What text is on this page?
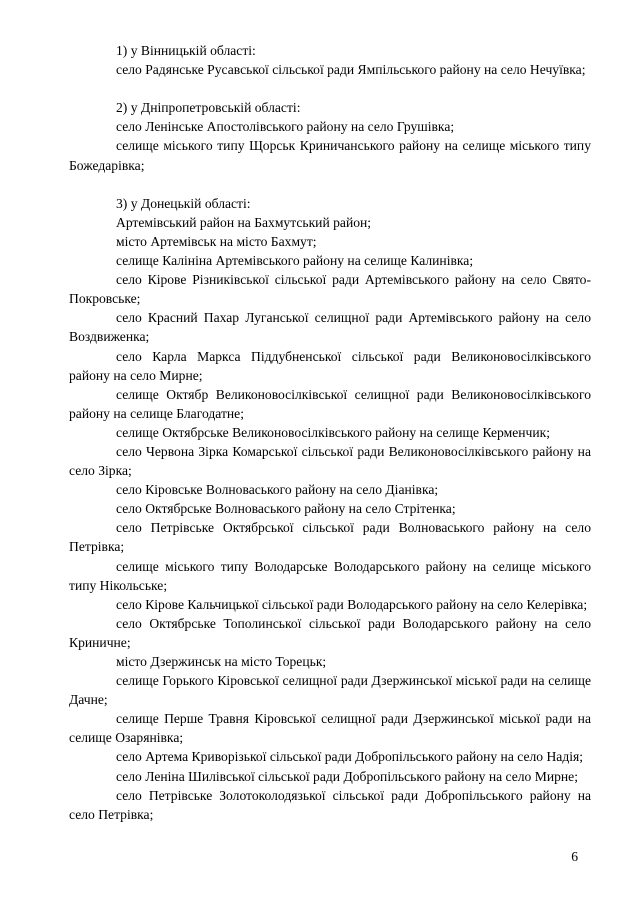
1) у Вінницькій області:

село Радянське Русавської сільської ради Ямпільського району на село Нечуївка;

2) у Дніпропетровській області:

село Ленінське Апостолівського району на село Грушівка;

селище міського типу Щорськ Криничанського району на селище міського типу Божедарівка;

3) у Донецькій області:

Артемівський район на Бахмутський район;

місто Артемівськ на місто Бахмут;

селище Калініна Артемівського району на селище Калинівка;

село Кірове Різниківської сільської ради Артемівського району на село Свято-Покровське;

село Красний Пахар Луганської селищної ради Артемівського району на село Воздвиженка;

село Карла Маркса Піддубненської сільської ради Великоновосілківського району на село Мирне;

селище Октябр Великоновосілківської селищної ради Великоновосілківського району на селище Благодатне;

селище Октябрське Великоновосілківського району на селище Керменчик;

село Червона Зірка Комарської сільської ради Великоновосілківського району на село Зірка;

село Кіровське Волноваського району на село Діанівка;

село Октябрське Волноваського району на село Стрітенка;

село Петрівське Октябрської сільської ради Волноваського району на село Петрівка;

селище міського типу Володарське Володарського району на селище міського типу Нікольське;

село Кірове Кальчицької сільської ради Володарського району на село Келерівка;

село Октябрське Тополинської сільської ради Володарського району на село Криничне;

місто Дзержинськ на місто Торецьк;

селище Горького Кіровської селищної ради Дзержинської міської ради на селище Дачне;

селище Перше Травня Кіровської селищної ради Дзержинської міської ради на селище Озарянівка;

село Артема Криворізької сільської ради Добропільського району на село Надія;

село Леніна Шилівської сільської ради Добропільського району на село Мирне;

село Петрівське Золотоколодязької сільської ради Добропільського району на село Петрівка;

6
